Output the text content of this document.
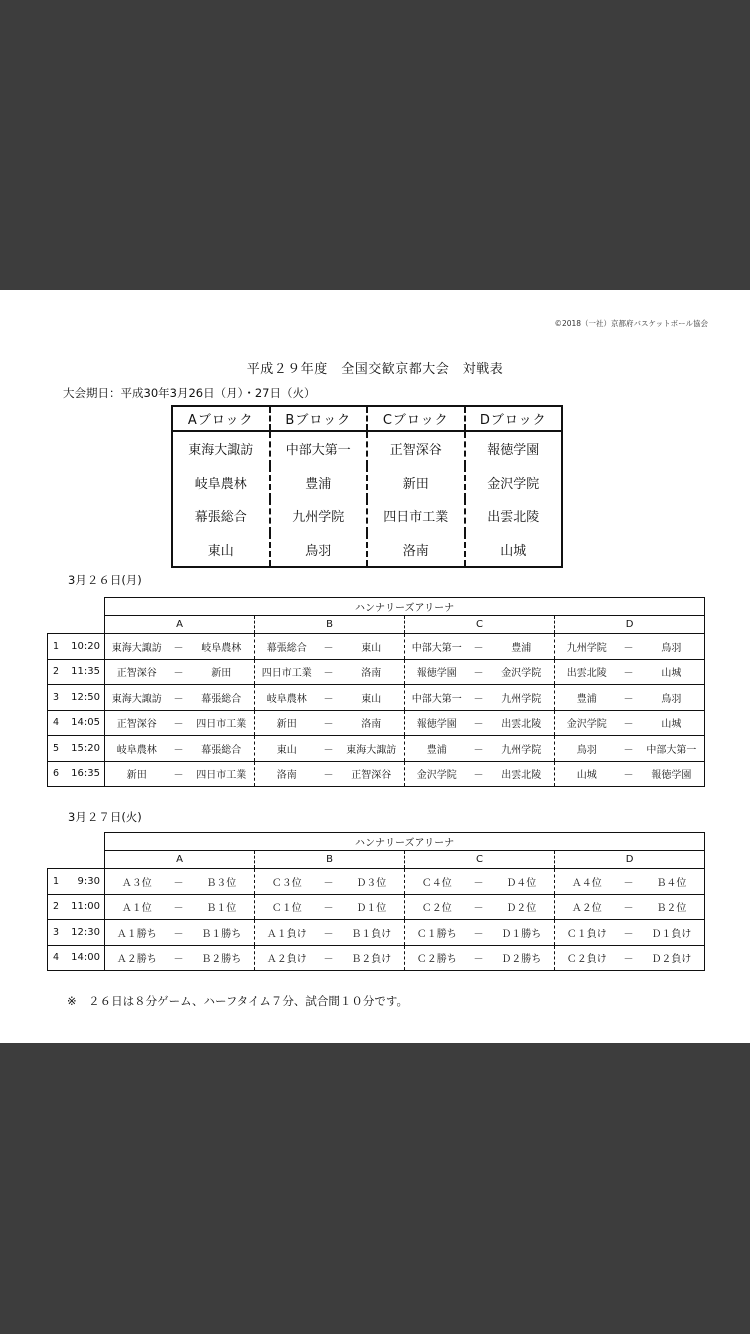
©2018（一社）京都府バスケットボール協会
平成２９年度　全国交歓京都大会　対戦表
大会期日：平成30年3月26日（月）・27日（火）
Aブロック	Bブロック	Cブロック	Dブロック
東海大諏訪	中部大第一	正智深谷	報徳学園
岐阜農林	豊浦	新田	金沢学院
幕張総合	九州学院	四日市工業	出雲北陵
東山	鳥羽	洛南	山城
3月２６日(月)
		ハンナリーズアリーナ											
		A			B			C			D		
1	10:20	東海大諏訪	－	岐阜農林	幕張総合	－	東山	中部大第一	－	豊浦	九州学院	－	鳥羽
2	11:35	正智深谷	－	新田	四日市工業	－	洛南	報徳学園	－	金沢学院	出雲北陵	－	山城
3	12:50	東海大諏訪	－	幕張総合	岐阜農林	－	東山	中部大第一	－	九州学院	豊浦	－	鳥羽
4	14:05	正智深谷	－	四日市工業	新田	－	洛南	報徳学園	－	出雲北陵	金沢学院	－	山城
5	15:20	岐阜農林	－	幕張総合	東山	－	東海大諏訪	豊浦	－	九州学院	鳥羽	－	中部大第一
6	16:35	新田	－	四日市工業	洛南	－	正智深谷	金沢学院	－	出雲北陵	山城	－	報徳学園
3月２７日(火)
		ハンナリーズアリーナ											
		A			B			C			D		
1	9:30	Ａ３位	－	Ｂ３位	Ｃ３位	－	Ｄ３位	Ｃ４位	－	Ｄ４位	Ａ４位	－	Ｂ４位
2	11:00	Ａ１位	－	Ｂ１位	Ｃ１位	－	Ｄ１位	Ｃ２位	－	Ｄ２位	Ａ２位	－	Ｂ２位
3	12:30	Ａ１勝ち	－	Ｂ１勝ち	Ａ１負け	－	Ｂ１負け	Ｃ１勝ち	－	Ｄ１勝ち	Ｃ１負け	－	Ｄ１負け
4	14:00	Ａ２勝ち	－	Ｂ２勝ち	Ａ２負け	－	Ｂ２負け	Ｃ２勝ち	－	Ｄ２勝ち	Ｃ２負け	－	Ｄ２負け
※　２６日は８分ゲーム、ハーフタイム７分、試合間１０分です。
